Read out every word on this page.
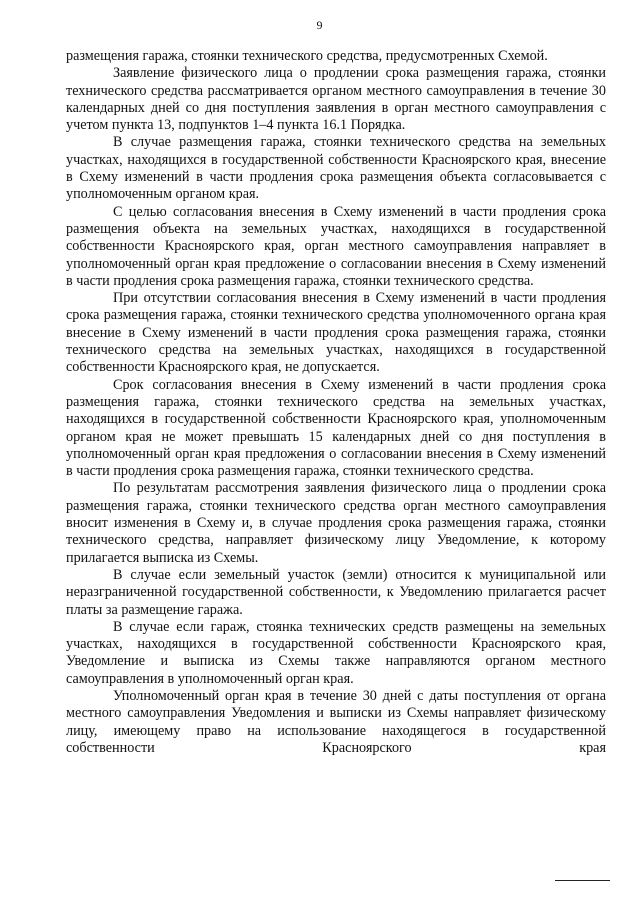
9

размещения гаража, стоянки технического средства, предусмотренных Схемой.

Заявление физического лица о продлении срока размещения гаража, стоянки технического средства рассматривается органом местного самоуправления в течение 30 календарных дней со дня поступления заявления в орган местного самоуправления с учетом пункта 13, подпунктов 1–4 пункта 16.1 Порядка.

В случае размещения гаража, стоянки технического средства на земельных участках, находящихся в государственной собственности Красноярского края, внесение в Схему изменений в части продления срока размещения объекта согласовывается с уполномоченным органом края.

С целью согласования внесения в Схему изменений в части продления срока размещения объекта на земельных участках, находящихся в государственной собственности Красноярского края, орган местного самоуправления направляет в уполномоченный орган края предложение о согласовании внесения в Схему изменений в части продления срока размещения гаража, стоянки технического средства.

При отсутствии согласования внесения в Схему изменений в части продления срока размещения гаража, стоянки технического средства уполномоченного органа края внесение в Схему изменений в части продления срока размещения гаража, стоянки технического средства на земельных участках, находящихся в государственной собственности Красноярского края, не допускается.

Срок согласования внесения в Схему изменений в части продления срока размещения гаража, стоянки технического средства на земельных участках, находящихся в государственной собственности Красноярского края, уполномоченным органом края не может превышать 15 календарных дней со дня поступления в уполномоченный орган края предложения о согласовании внесения в Схему изменений в части продления срока размещения гаража, стоянки технического средства.

По результатам рассмотрения заявления физического лица о продлении срока размещения гаража, стоянки технического средства орган местного самоуправления вносит изменения в Схему и, в случае продления срока размещения гаража, стоянки технического средства, направляет физическому лицу Уведомление, к которому прилагается выписка из Схемы.

В случае если земельный участок (земли) относится к муниципальной или неразграниченной государственной собственности, к Уведомлению прилагается расчет платы за размещение гаража.

В случае если гараж, стоянка технических средств размещены на земельных участках, находящихся в государственной собственности Красноярского края, Уведомление и выписка из Схемы также направляются органом местного самоуправления в уполномоченный орган края.

Уполномоченный орган края в течение 30 дней с даты поступления от органа местного самоуправления Уведомления и выписки из Схемы направляет физическому лицу, имеющему право на использование находящегося в государственной собственности Красноярского края
